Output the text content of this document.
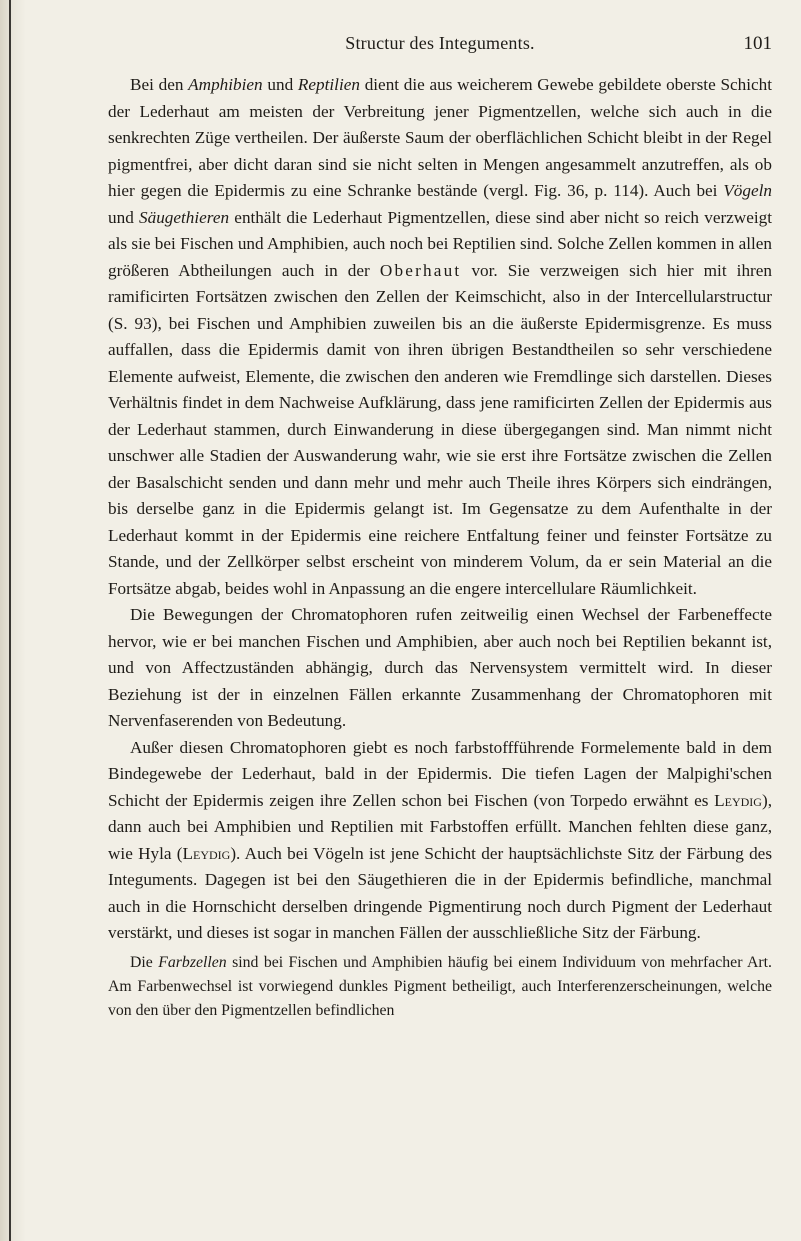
Structur des Integuments.	101

Bei den Amphibien und Reptilien dient die aus weicherem Gewebe gebildete oberste Schicht der Lederhaut am meisten der Verbreitung jener Pigmentzellen, welche sich auch in die senkrechten Züge vertheilen. Der äußerste Saum der oberflächlichen Schicht bleibt in der Regel pigmentfrei, aber dicht daran sind sie nicht selten in Mengen angesammelt anzutreffen, als ob hier gegen die Epidermis zu eine Schranke bestände (vergl. Fig. 36, p. 114). Auch bei Vögeln und Säugethieren enthält die Lederhaut Pigmentzellen, diese sind aber nicht so reich verzweigt als sie bei Fischen und Amphibien, auch noch bei Reptilien sind. Solche Zellen kommen in allen größeren Abtheilungen auch in der Oberhaut vor. Sie verzweigen sich hier mit ihren ramificirten Fortsätzen zwischen den Zellen der Keimschicht, also in der Intercellularstructur (S. 93), bei Fischen und Amphibien zuweilen bis an die äußerste Epidermisgrenze. Es muss auffallen, dass die Epidermis damit von ihren übrigen Bestandtheilen so sehr verschiedene Elemente aufweist, Elemente, die zwischen den anderen wie Fremdlinge sich darstellen. Dieses Verhältnis findet in dem Nachweise Aufklärung, dass jene ramificirten Zellen der Epidermis aus der Lederhaut stammen, durch Einwanderung in diese übergegangen sind. Man nimmt nicht unschwer alle Stadien der Auswanderung wahr, wie sie erst ihre Fortsätze zwischen die Zellen der Basalschicht senden und dann mehr und mehr auch Theile ihres Körpers sich eindrängen, bis derselbe ganz in die Epidermis gelangt ist. Im Gegensatze zu dem Aufenthalte in der Lederhaut kommt in der Epidermis eine reichere Entfaltung feiner und feinster Fortsätze zu Stande, und der Zellkörper selbst erscheint von minderem Volum, da er sein Material an die Fortsätze abgab, beides wohl in Anpassung an die engere intercellulare Räumlichkeit.

Die Bewegungen der Chromatophoren rufen zeitweilig einen Wechsel der Farbeneffecte hervor, wie er bei manchen Fischen und Amphibien, aber auch noch bei Reptilien bekannt ist, und von Affectzuständen abhängig, durch das Nervensystem vermittelt wird. In dieser Beziehung ist der in einzelnen Fällen erkannte Zusammenhang der Chromatophoren mit Nervenfaserenden von Bedeutung.

Außer diesen Chromatophoren giebt es noch farbstoffführende Formelemente bald in dem Bindegewebe der Lederhaut, bald in der Epidermis. Die tiefen Lagen der Malpighi'schen Schicht der Epidermis zeigen ihre Zellen schon bei Fischen (von Torpedo erwähnt es Leydig), dann auch bei Amphibien und Reptilien mit Farbstoffen erfüllt. Manchen fehlten diese ganz, wie Hyla (Leydig). Auch bei Vögeln ist jene Schicht der hauptsächlichste Sitz der Färbung des Integuments. Dagegen ist bei den Säugethieren die in der Epidermis befindliche, manchmal auch in die Hornschicht derselben dringende Pigmentirung noch durch Pigment der Lederhaut verstärkt, und dieses ist sogar in manchen Fällen der ausschließliche Sitz der Färbung.

Die Farbzellen sind bei Fischen und Amphibien häufig bei einem Individuum von mehrfacher Art. Am Farbenwechsel ist vorwiegend dunkles Pigment betheiligt, auch Interferenzerscheinungen, welche von den über den Pigmentzellen befindlichen
